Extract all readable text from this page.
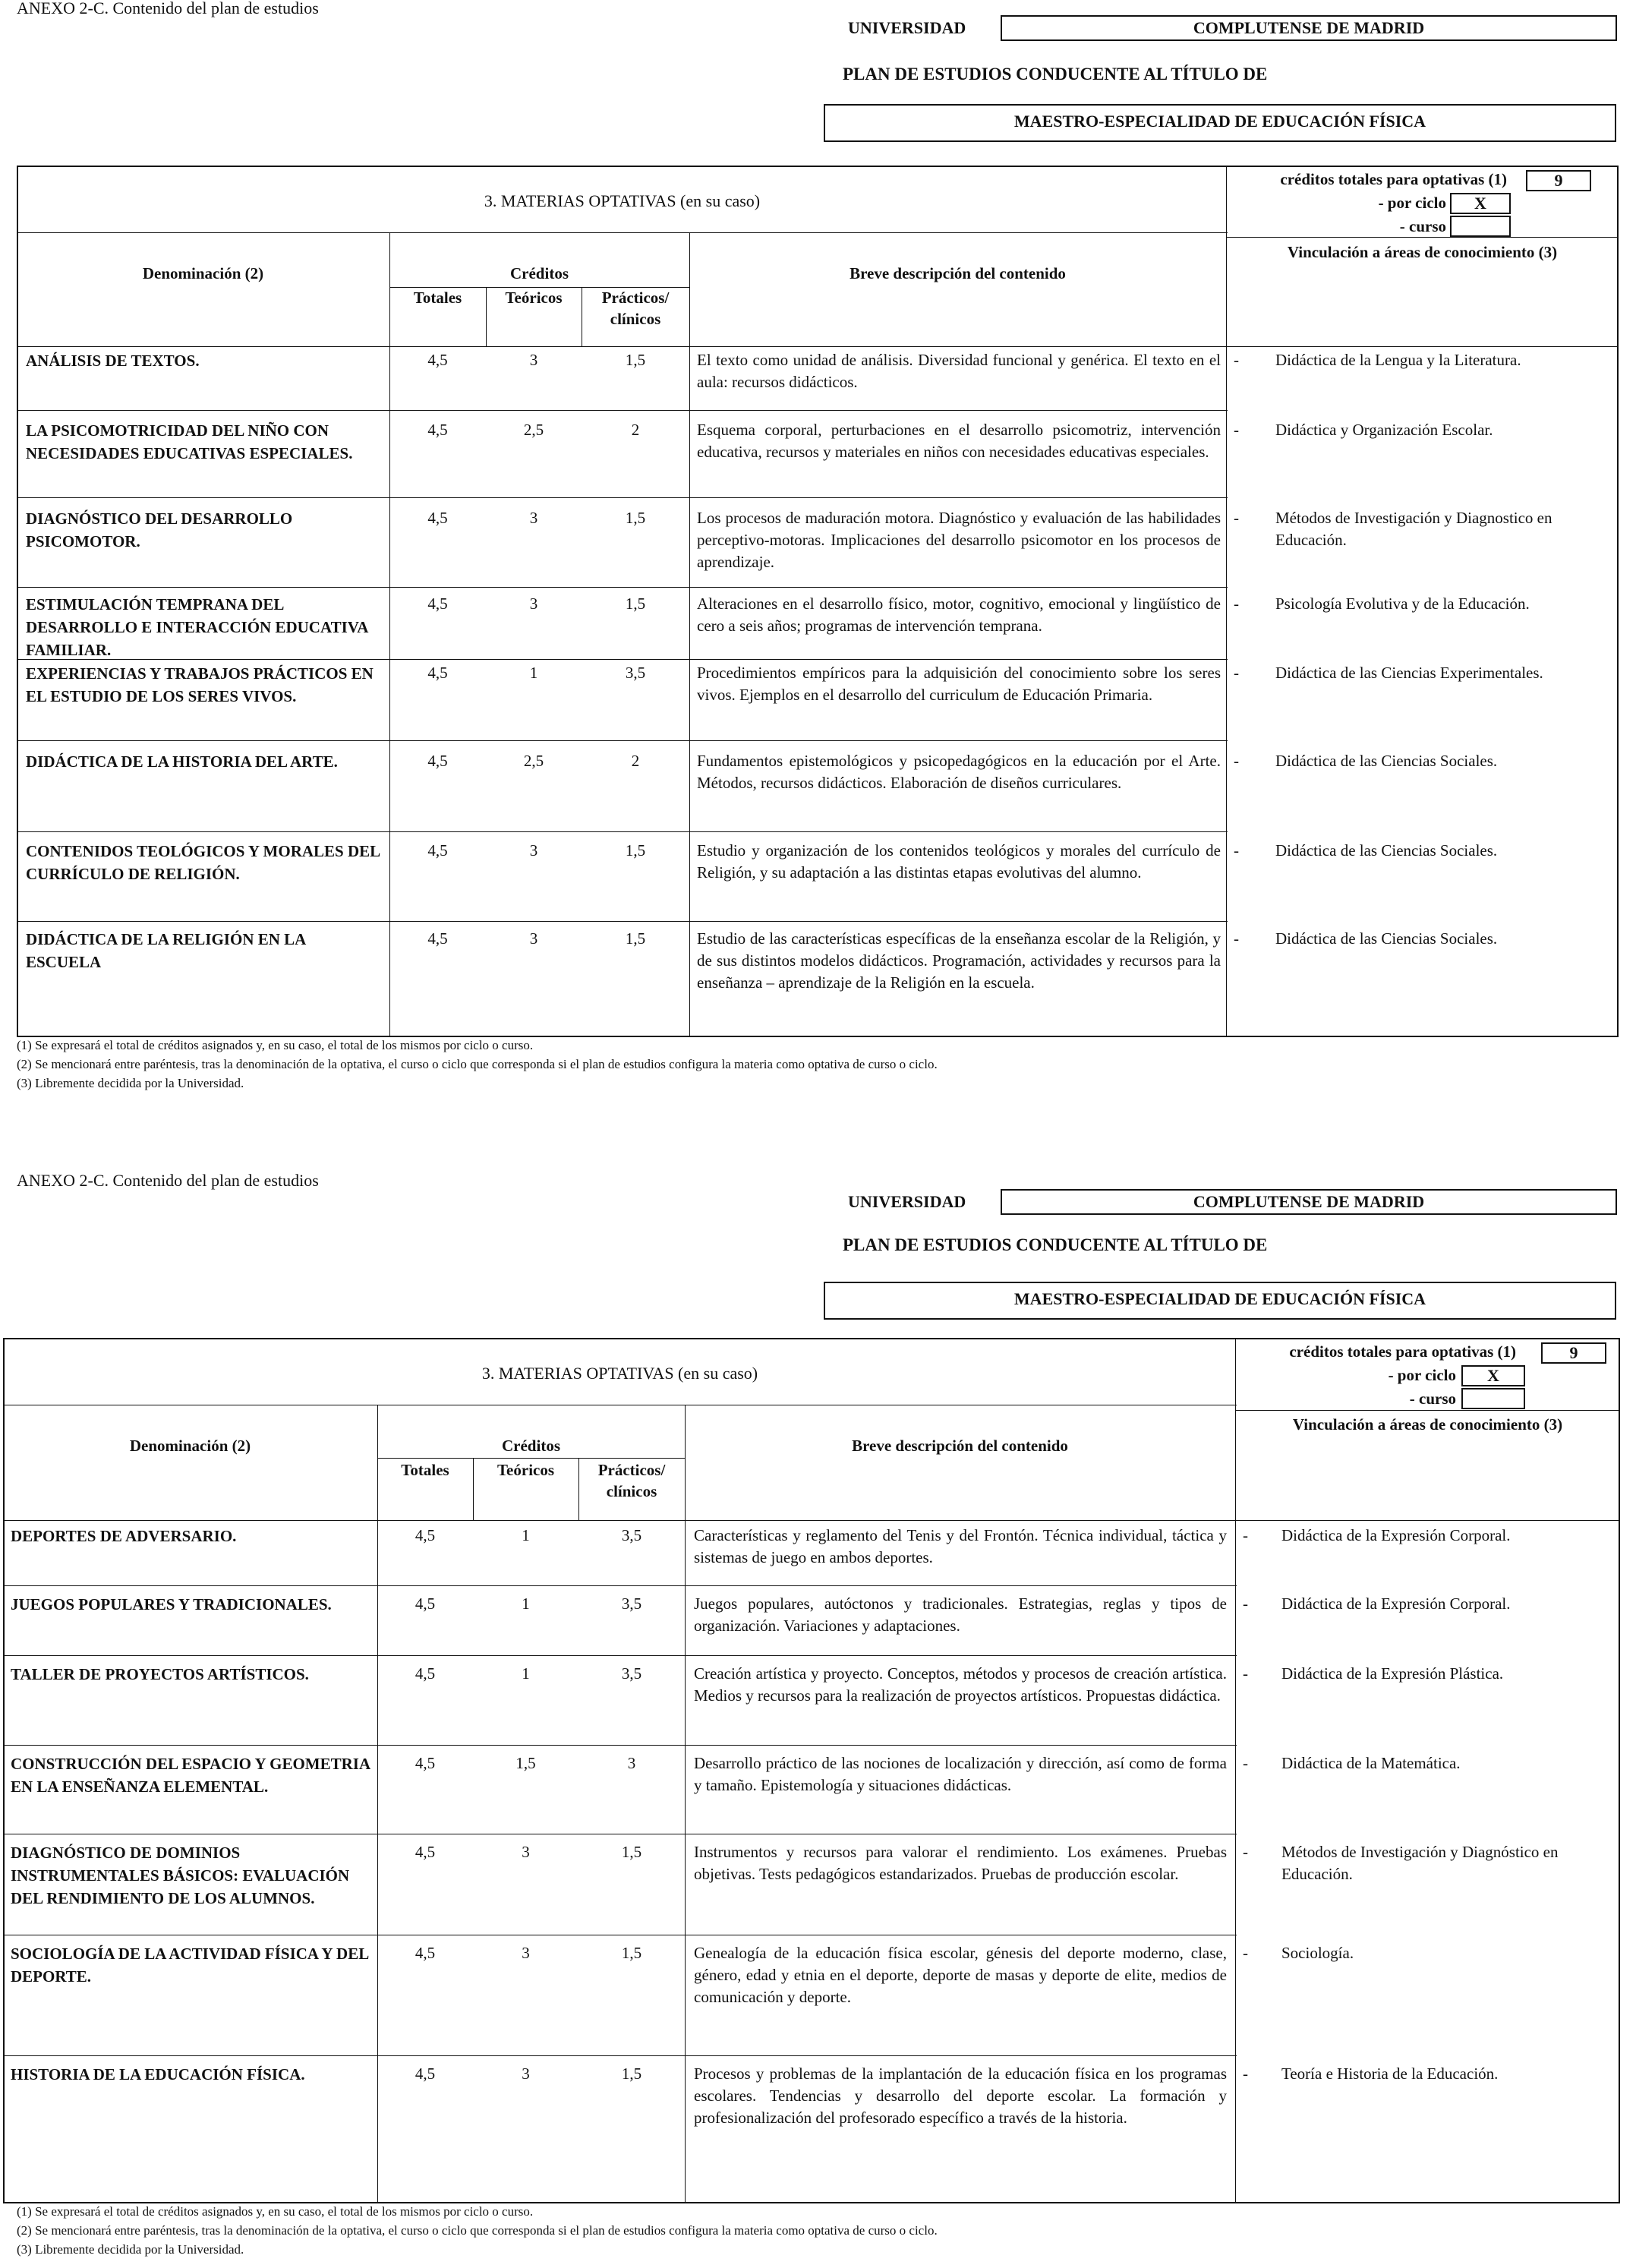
ANEXO 2-C. Contenido del plan de estudios
UNIVERSIDAD	COMPLUTENSE DE MADRID
PLAN DE ESTUDIOS CONDUCENTE AL TÍTULO DE
MAESTRO-ESPECIALIDAD DE EDUCACIÓN FÍSICA
3. MATERIAS OPTATIVAS (en su caso)
créditos totales para optativas (1)	9
- por ciclo	X
- curso
Denominación (2)	Créditos
Totales	Teóricos	Prácticos/ clínicos
Breve descripción del contenido
Vinculación a áreas de conocimiento (3)
ANÁLISIS DE TEXTOS.	4,5	3	1,5	El texto como unidad de análisis. Diversidad funcional y genérica. El texto en el aula: recursos didácticos.
- Didáctica de la Lengua y la Literatura.
LA PSICOMOTRICIDAD DEL NIÑO CON NECESIDADES EDUCATIVAS ESPECIALES.
4,5	2,5	2	Esquema corporal, perturbaciones en el desarrollo psicomotriz, intervención educativa, recursos y materiales en niños con necesidades educativas especiales.
- Didáctica y Organización Escolar.
DIAGNÓSTICO DEL DESARROLLO PSICOMOTOR.
4,5	3	1,5	Los procesos de maduración motora. Diagnóstico y evaluación de las habilidades perceptivo-motoras. Implicaciones del desarrollo psicomotor en los procesos de aprendizaje.
- Métodos de Investigación y Diagnostico en Educación.
ESTIMULACIÓN TEMPRANA DEL DESARROLLO E INTERACCIÓN EDUCATIVA FAMILIAR.
4,5	3	1,5	Alteraciones en el desarrollo físico, motor, cognitivo, emocional y lingüístico de cero a seis años; programas de intervención temprana.
- Psicología Evolutiva y de la Educación.
EXPERIENCIAS Y TRABAJOS PRÁCTICOS EN EL ESTUDIO DE LOS SERES VIVOS.
4,5	1	3,5	Procedimientos empíricos para la adquisición del conocimiento sobre los seres vivos. Ejemplos en el desarrollo del curriculum de Educación Primaria.
- Didáctica de las Ciencias Experimentales.
DIDÁCTICA DE LA HISTORIA DEL ARTE.	4,5	2,5	2	Fundamentos epistemológicos y psicopedagógicos en la educación por el Arte. Métodos, recursos didácticos. Elaboración de diseños curriculares.
- Didáctica de las Ciencias Sociales.
CONTENIDOS TEOLÓGICOS Y MORALES DEL CURRÍCULO DE RELIGIÓN.
4,5	3	1,5	Estudio y organización de los contenidos teológicos y morales del currículo de Religión, y su adaptación a las distintas etapas evolutivas del alumno.
- Didáctica de las Ciencias Sociales.
DIDÁCTICA DE LA RELIGIÓN EN LA ESCUELA
4,5	3	1,5	Estudio de las características específicas de la enseñanza escolar de la Religión, y de sus distintos modelos didácticos. Programación, actividades y recursos para la enseñanza – aprendizaje de la Religión en la escuela.
- Didáctica de las Ciencias Sociales.
(1) Se expresará el total de créditos asignados y, en su caso, el total de los mismos por ciclo o curso.
(2) Se mencionará entre paréntesis, tras la denominación de la optativa, el curso o ciclo que corresponda si el plan de estudios configura la materia como optativa de curso o ciclo.
(3) Libremente decidida por la Universidad.
ANEXO 2-C. Contenido del plan de estudios
UNIVERSIDAD	COMPLUTENSE DE MADRID
PLAN DE ESTUDIOS CONDUCENTE AL TÍTULO DE
MAESTRO-ESPECIALIDAD DE EDUCACIÓN FÍSICA
3. MATERIAS OPTATIVAS (en su caso)
créditos totales para optativas (1)	9
- por ciclo	X
- curso
Denominación (2)	Créditos
Totales	Teóricos	Prácticos/ clínicos
Breve descripción del contenido
Vinculación a áreas de conocimiento (3)
DEPORTES DE ADVERSARIO.	4,5	1	3,5	Características y reglamento del Tenis y del Frontón. Técnica individual, táctica y sistemas de juego en ambos deportes.
- Didáctica de la Expresión Corporal.
JUEGOS POPULARES Y TRADICIONALES.	4,5	1	3,5	Juegos populares, autóctonos y tradicionales. Estrategias, reglas y tipos de organización. Variaciones y adaptaciones.
- Didáctica de la Expresión Corporal.
TALLER DE PROYECTOS ARTÍSTICOS.	4,5	1	3,5	Creación artística y proyecto. Conceptos, métodos y procesos de creación artística. Medios y recursos para la realización de proyectos artísticos. Propuestas didáctica.
- Didáctica de la Expresión Plástica.
CONSTRUCCIÓN DEL ESPACIO Y GEOMETRIA EN LA ENSEÑANZA ELEMENTAL.
4,5	1,5	3	Desarrollo práctico de las nociones de localización y dirección, así como de forma y tamaño. Epistemología y situaciones didácticas.
- Didáctica de la Matemática.
DIAGNÓSTICO DE DOMINIOS INSTRUMENTALES BÁSICOS: EVALUACIÓN DEL RENDIMIENTO DE LOS ALUMNOS.
4,5	3	1,5	Instrumentos y recursos para valorar el rendimiento. Los exámenes. Pruebas objetivas. Tests pedagógicos estandarizados. Pruebas de producción escolar.
- Métodos de Investigación y Diagnóstico en Educación.
SOCIOLOGÍA DE LA ACTIVIDAD FÍSICA Y DEL DEPORTE.
4,5	3	1,5	Genealogía de la educación física escolar, génesis del deporte moderno, clase, género, edad y etnia en el deporte, deporte de masas y deporte de elite, medios de comunicación y deporte.
- Sociología.
HISTORIA DE LA EDUCACIÓN FÍSICA.	4,5	3	1,5	Procesos y problemas de la implantación de la educación física en los programas escolares. Tendencias y desarrollo del deporte escolar. La formación y profesionalización del profesorado específico a través de la historia.
- Teoría e Historia de la Educación.
(1) Se expresará el total de créditos asignados y, en su caso, el total de los mismos por ciclo o curso.
(2) Se mencionará entre paréntesis, tras la denominación de la optativa, el curso o ciclo que corresponda si el plan de estudios configura la materia como optativa de curso o ciclo.
(3) Libremente decidida por la Universidad.
